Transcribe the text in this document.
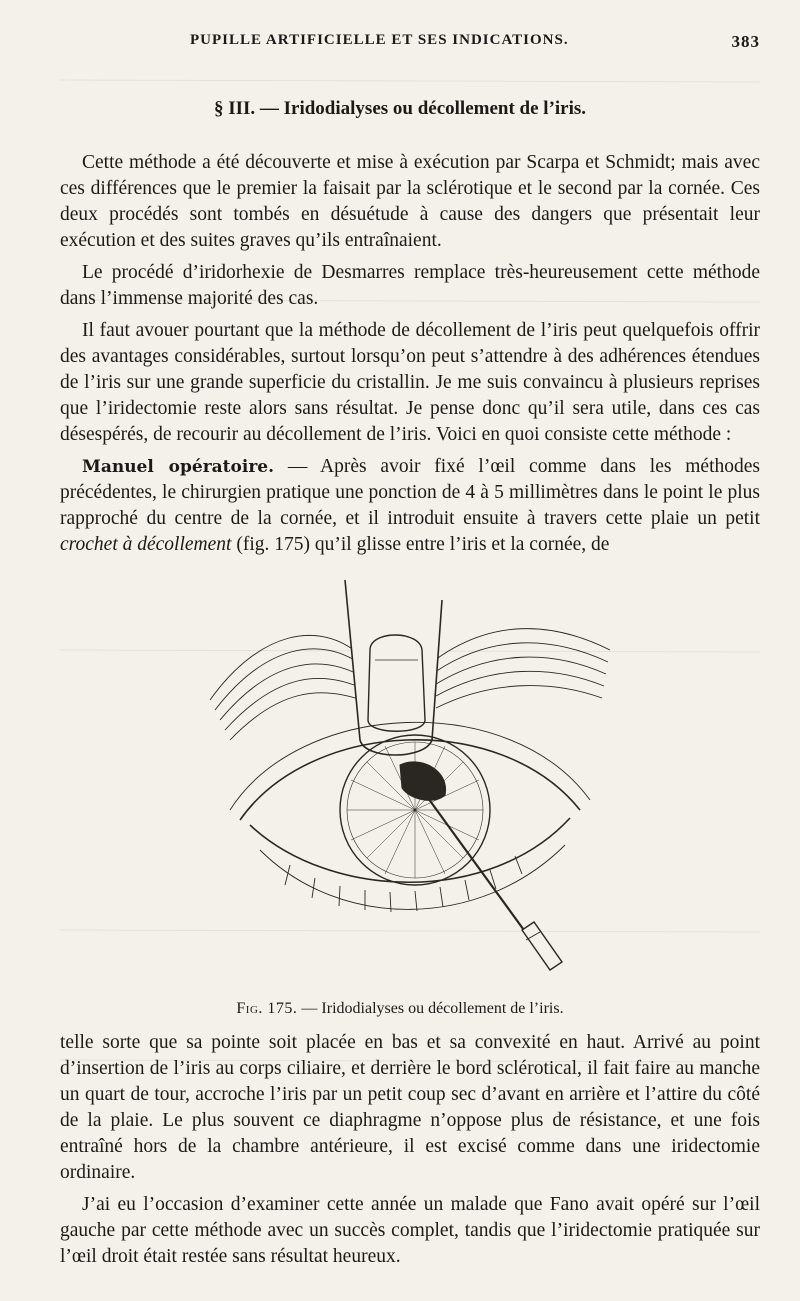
PUPILLE ARTIFICIELLE ET SES INDICATIONS.	383
§ III. — Iridodialyses ou décollement de l’iris.

Cette méthode a été découverte et mise à exécution par Scarpa et Schmidt; mais avec ces différences que le premier la faisait par la sclérotique et le second par la cornée. Ces deux procédés sont tombés en désuétude à cause des dangers que présentait leur exécution et des suites graves qu’ils entraînaient.

Le procédé d’iridorhexie de Desmarres remplace très-heureusement cette méthode dans l’immense majorité des cas.

Il faut avouer pourtant que la méthode de décollement de l’iris peut quelquefois offrir des avantages considérables, surtout lorsqu’on peut s’attendre à des adhérences étendues de l’iris sur une grande superficie du cristallin. Je me suis convaincu à plusieurs reprises que l’iridectomie reste alors sans résultat. Je pense donc qu’il sera utile, dans ces cas désespérés, de recourir au décollement de l’iris. Voici en quoi consiste cette méthode :

Manuel opératoire. — Après avoir fixé l’œil comme dans les méthodes précédentes, le chirurgien pratique une ponction de 4 à 5 millimètres dans le point le plus rapproché du centre de la cornée, et il introduit ensuite à travers cette plaie un petit crochet à décollement (fig. 175) qu’il glisse entre l’iris et la cornée, de

Fig. 175. — Iridodialyses ou décollement de l’iris.

telle sorte que sa pointe soit placée en bas et sa convexité en haut. Arrivé au point d’insertion de l’iris au corps ciliaire, et derrière le bord sclérotical, il fait faire au manche un quart de tour, accroche l’iris par un petit coup sec d’avant en arrière et l’attire du côté de la plaie. Le plus souvent ce diaphragme n’oppose plus de résistance, et une fois entraîné hors de la chambre antérieure, il est excisé comme dans une iridectomie ordinaire.

J’ai eu l’occasion d’examiner cette année un malade que Fano avait opéré sur l’œil gauche par cette méthode avec un succès complet, tandis que l’iridectomie pratiquée sur l’œil droit était restée sans résultat heureux.
